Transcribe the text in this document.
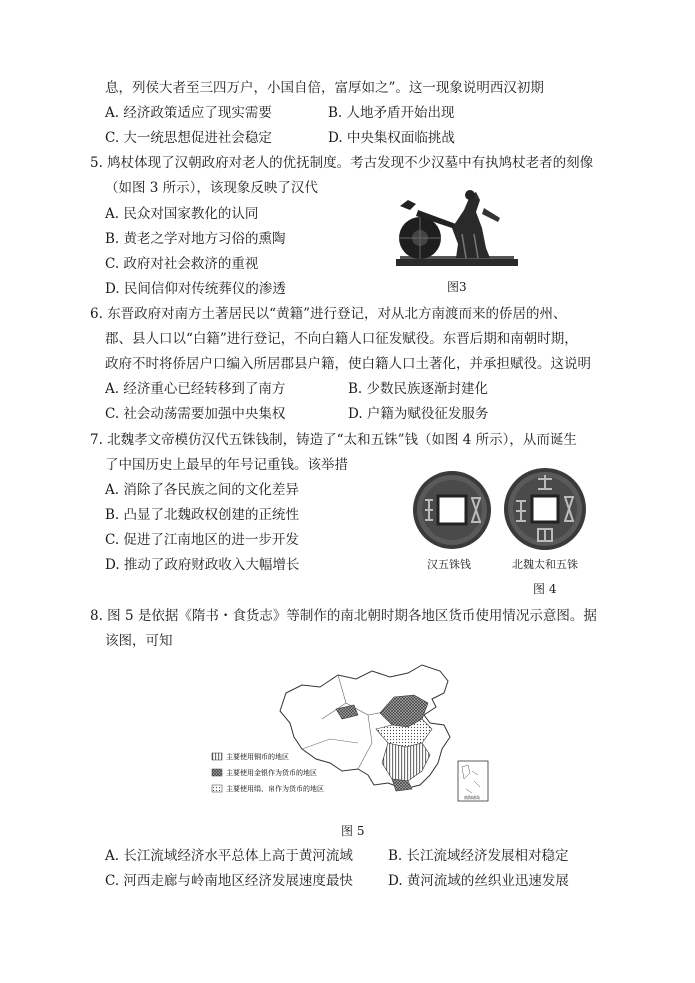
息，列侯大者至三四万户，小国自倍，富厚如之”。这一现象说明西汉初期
A. 经济政策适应了现实需要	B. 人地矛盾开始出现
C. 大一统思想促进社会稳定	D. 中央集权面临挑战
5. 鸠杖体现了汉朝政府对老人的优抚制度。考古发现不少汉墓中有执鸠杖老者的刻像
（如图 3 所示），该现象反映了汉代
A. 民众对国家教化的认同
B. 黄老之学对地方习俗的熏陶
C. 政府对社会救济的重视
D. 民间信仰对传统葬仪的渗透	图3
6. 东晋政府对南方土著居民以“黄籍”进行登记，对从北方南渡而来的侨居的州、
郡、县人口以“白籍”进行登记，不向白籍人口征发赋役。东晋后期和南朝时期，
政府不时将侨居户口编入所居郡县户籍，使白籍人口土著化，并承担赋役。这说明
A. 经济重心已经转移到了南方	B. 少数民族逐渐封建化
C. 社会动荡需要加强中央集权	D. 户籍为赋役征发服务
7. 北魏孝文帝模仿汉代五铢钱制，铸造了“太和五铢”钱（如图 4 所示），从而诞生
了中国历史上最早的年号记重钱。该举措
A. 消除了各民族之间的文化差异
B. 凸显了北魏政权创建的正统性
C. 促进了江南地区的进一步开发
D. 推动了政府财政收入大幅增长	汉五铢钱	北魏太和五铢
图 4
8. 图 5 是依据《隋书・食货志》等制作的南北朝时期各地区货币使用情况示意图。据
该图，可知
主要使用铜币的地区
主要使用金银作为货币的地区
主要使用绢、帛作为货币的地区
南海诸岛
图 5
A. 长江流域经济水平总体上高于黄河流域	B. 长江流域经济发展相对稳定
C. 河西走廊与岭南地区经济发展速度最快	D. 黄河流域的丝织业迅速发展
